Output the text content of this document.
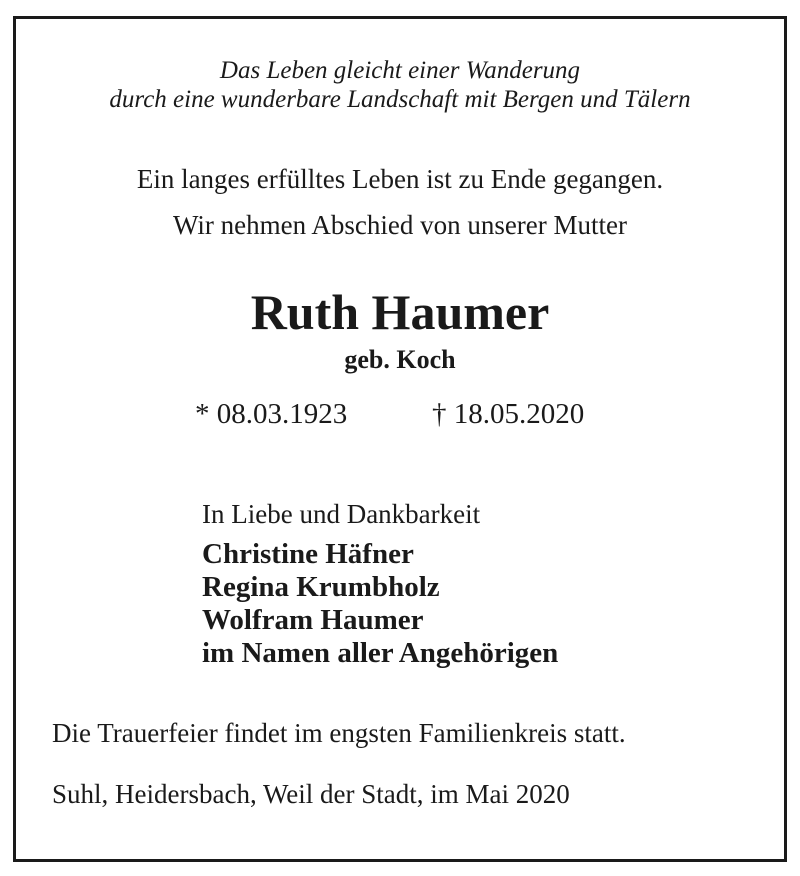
Das Leben gleicht einer Wanderung

durch eine wunderbare Landschaft mit Bergen und Tälern

Ein langes erfülltes Leben ist zu Ende gegangen.

Wir nehmen Abschied von unserer Mutter

Ruth Haumer

geb. Koch

* 08.03.1923	† 18.05.2020

In Liebe und Dankbarkeit

Christine Häfner

Regina Krumbholz

Wolfram Haumer

im Namen aller Angehörigen

Die Trauerfeier findet im engsten Familienkreis statt.

Suhl, Heidersbach, Weil der Stadt, im Mai 2020
